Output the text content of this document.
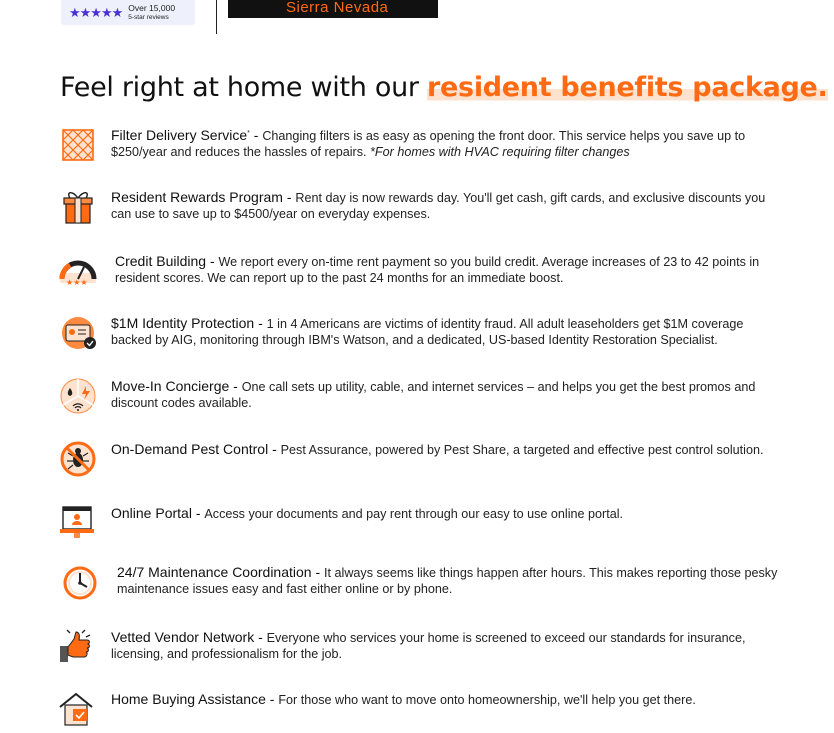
★★★★★ Over 15,000
5-star reviews
Sierra Nevada
Feel right at home with our resident benefits package.
Filter Delivery Service* - Changing filters is as easy as opening the front door. This service helps you save up to $250/year and reduces the hassles of repairs. *For homes with HVAC requiring filter changes
Resident Rewards Program - Rent day is now rewards day. You'll get cash, gift cards, and exclusive discounts you can use to save up to $4500/year on everyday expenses.
★★★
Credit Building - We report every on-time rent payment so you build credit. Average increases of 23 to 42 points in resident scores. We can report up to the past 24 months for an immediate boost.
$1M Identity Protection - 1 in 4 Americans are victims of identity fraud. All adult leaseholders get $1M coverage backed by AIG, monitoring through IBM's Watson, and a dedicated, US-based Identity Restoration Specialist.
Move-In Concierge - One call sets up utility, cable, and internet services – and helps you get the best promos and discount codes available.
On-Demand Pest Control - Pest Assurance, powered by Pest Share, a targeted and effective pest control solution.
Online Portal - Access your documents and pay rent through our easy to use online portal.
24/7 Maintenance Coordination - It always seems like things happen after hours. This makes reporting those pesky maintenance issues easy and fast either online or by phone.
Vetted Vendor Network - Everyone who services your home is screened to exceed our standards for insurance, licensing, and professionalism for the job.
Home Buying Assistance - For those who want to move onto homeownership, we'll help you get there.
